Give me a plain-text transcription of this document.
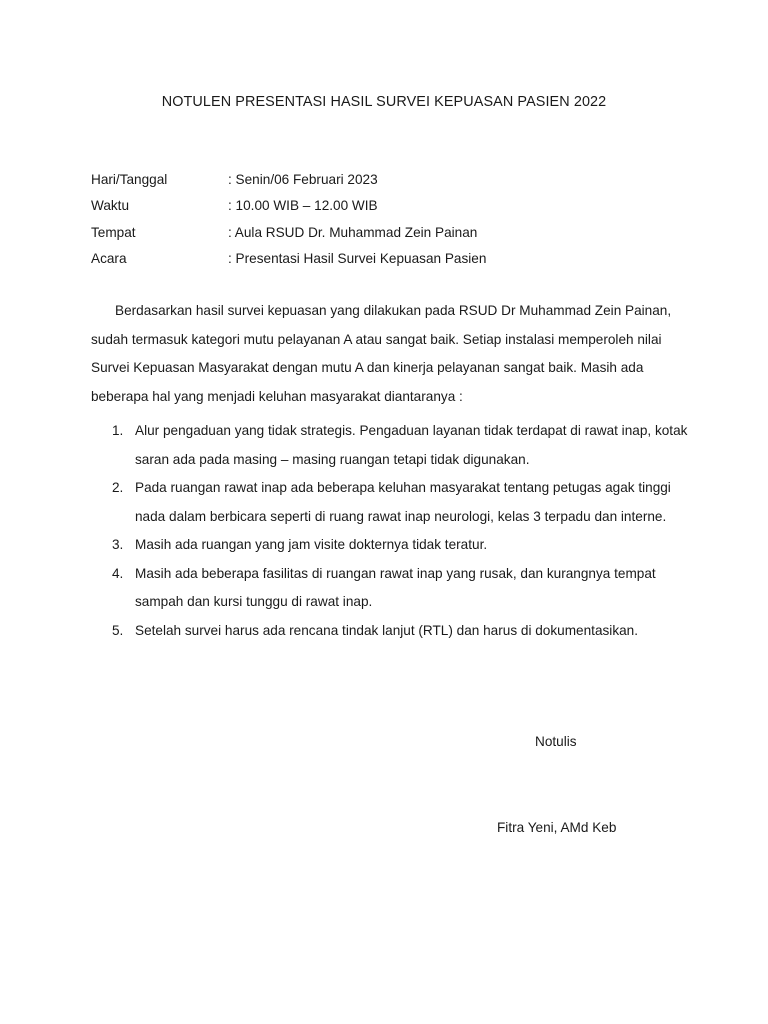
NOTULEN PRESENTASI HASIL SURVEI KEPUASAN PASIEN 2022
Hari/Tanggal	: Senin/06 Februari 2023
Waktu	: 10.00 WIB – 12.00 WIB
Tempat	: Aula RSUD Dr. Muhammad Zein Painan
Acara	: Presentasi Hasil Survei Kepuasan Pasien

Berdasarkan hasil survei kepuasan yang dilakukan pada RSUD Dr Muhammad Zein Painan, sudah termasuk kategori mutu pelayanan A atau sangat baik. Setiap instalasi memperoleh nilai Survei Kepuasan Masyarakat dengan mutu A dan kinerja pelayanan sangat baik. Masih ada beberapa hal yang menjadi keluhan masyarakat diantaranya :

1. Alur pengaduan yang tidak strategis. Pengaduan layanan tidak terdapat di rawat inap, kotak saran ada pada masing – masing ruangan tetapi tidak digunakan.
2. Pada ruangan rawat inap ada beberapa keluhan masyarakat tentang petugas agak tinggi nada dalam berbicara seperti di ruang rawat inap neurologi, kelas 3 terpadu dan interne.
3. Masih ada ruangan yang jam visite dokternya tidak teratur.
4. Masih ada beberapa fasilitas di ruangan rawat inap yang rusak, dan kurangnya tempat sampah dan kursi tunggu di rawat inap.
5. Setelah survei harus ada rencana tindak lanjut (RTL) dan harus di dokumentasikan.
Notulis
Fitra Yeni, AMd Keb
